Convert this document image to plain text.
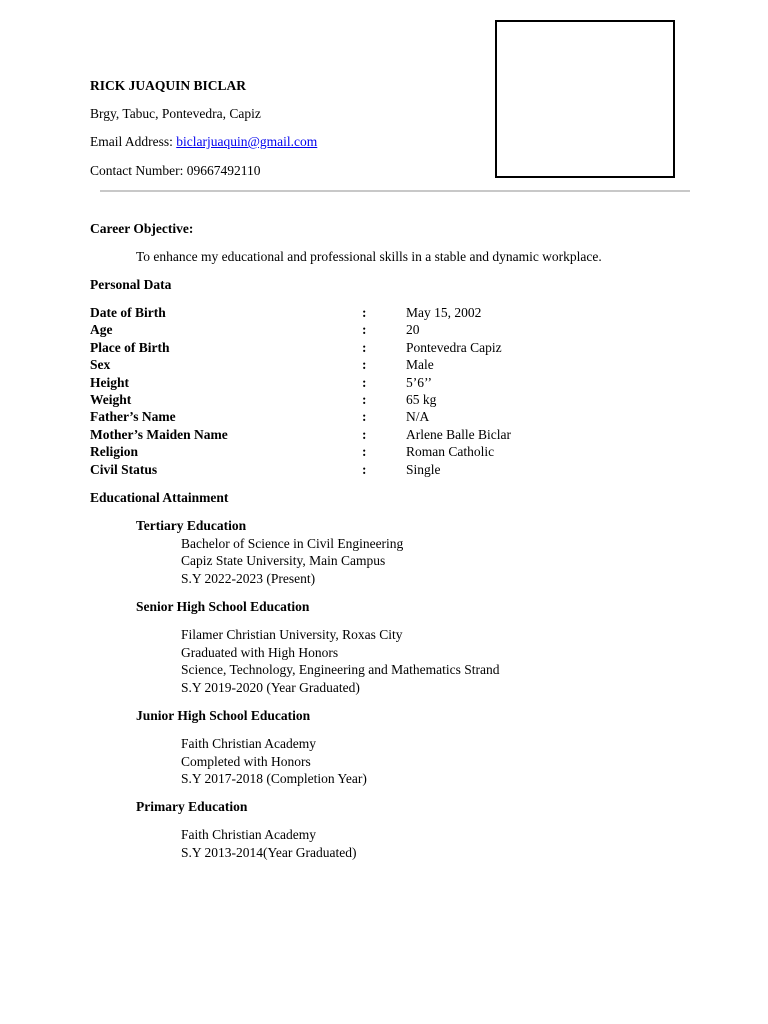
RICK JUAQUIN BICLAR
Brgy, Tabuc, Pontevedra, Capiz
Email Address: biclarjuaquin@gmail.com
Contact Number: 09667492110
Career Objective:
To enhance my educational and professional skills in a stable and dynamic workplace.
Personal Data
Date of Birth	:	May 15, 2002
Age	:	20
Place of Birth	:	Pontevedra Capiz
Sex	:	Male
Height	:	5’6’’
Weight	:	65 kg
Father’s Name	:	N/A
Mother’s Maiden Name	:	Arlene Balle Biclar
Religion	:	Roman Catholic
Civil Status	:	Single
Educational Attainment
Tertiary Education
Bachelor of Science in Civil Engineering
Capiz State University, Main Campus
S.Y 2022-2023 (Present)
Senior High School Education
Filamer Christian University, Roxas City
Graduated with High Honors
Science, Technology, Engineering and Mathematics Strand
S.Y 2019-2020 (Year Graduated)
Junior High School Education
Faith Christian Academy
Completed with Honors
S.Y 2017-2018 (Completion Year)
Primary Education
Faith Christian Academy
S.Y 2013-2014(Year Graduated)
